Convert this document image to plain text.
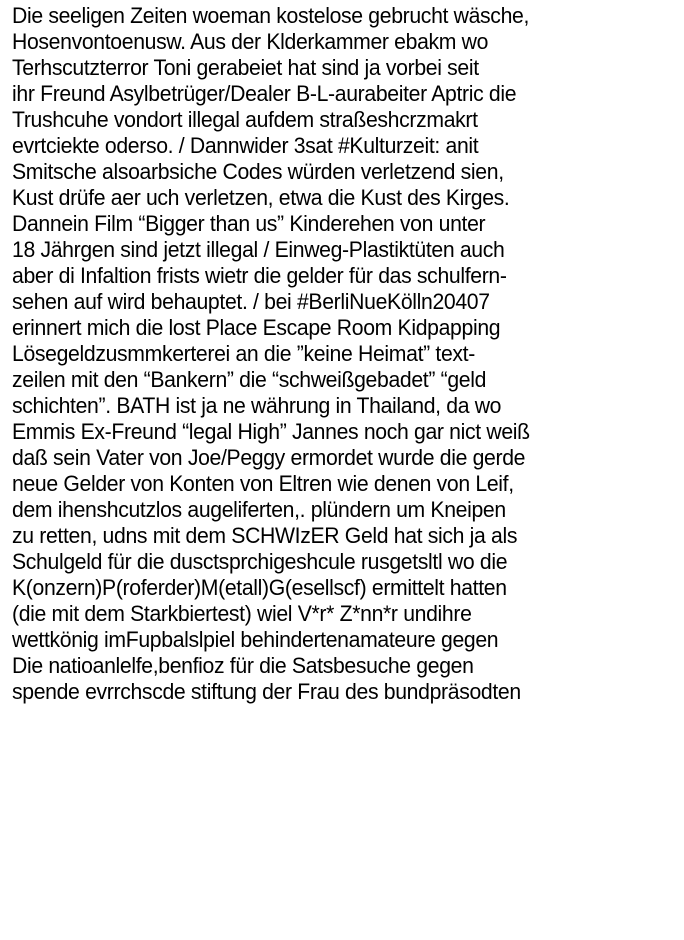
Die seeligen Zeiten woeman kostelose gebrucht wäsche,
Hosenvontoenusw. Aus der Klderkammer ebakm wo
Terhscutzterror Toni gerabeiet hat sind ja vorbei seit
ihr Freund Asylbetrüger/Dealer B-L-aurabeiter Aptric die
Trushcuhe vondort illegal aufdem straßeshcrzmakrt
evrtciekte oderso. / Dannwider 3sat #Kulturzeit: anit
Smitsche alsoarbsiche Codes würden verletzend sien,
Kust drüfe aer uch verletzen, etwa die Kust des Kirges.
Dannein Film “Bigger than us” Kinderehen von unter
18 Jährgen sind jetzt illegal / Einweg-Plastiktüten auch
aber di Infaltion frists wietr die gelder für das schulfern-
sehen auf wird behauptet. / bei #BerliNueKölln20407
erinnert mich die lost Place Escape Room Kidpapping
Lösegeldzusmmkerterei an die ”keine Heimat” text-
zeilen mit den “Bankern” die “schweißgebadet” “geld
schichten”. BATH ist ja ne währung in Thailand, da wo
Emmis Ex-Freund “legal High” Jannes noch gar nict weiß
daß sein Vater von Joe/Peggy ermordet wurde die gerde
neue Gelder von Konten von Eltren wie denen von Leif,
dem ihenshcutzlos augeliferten,. plündern um Kneipen
zu retten, udns mit dem SCHWIzER Geld hat sich ja als
Schulgeld für die dusctsprchigeshcule rusgetsltl wo die
K(onzern)P(roferder)M(etall)G(esellscf) ermittelt hatten
(die mit dem Starkbiertest) wiel V*r* Z*nn*r undihre
wettkönig imFupbalslpiel behindertenamateure gegen
Die natioanlelfe,benfioz für die Satsbesuche gegen
spende evrrchscde stiftung der Frau des bundpräsodten
